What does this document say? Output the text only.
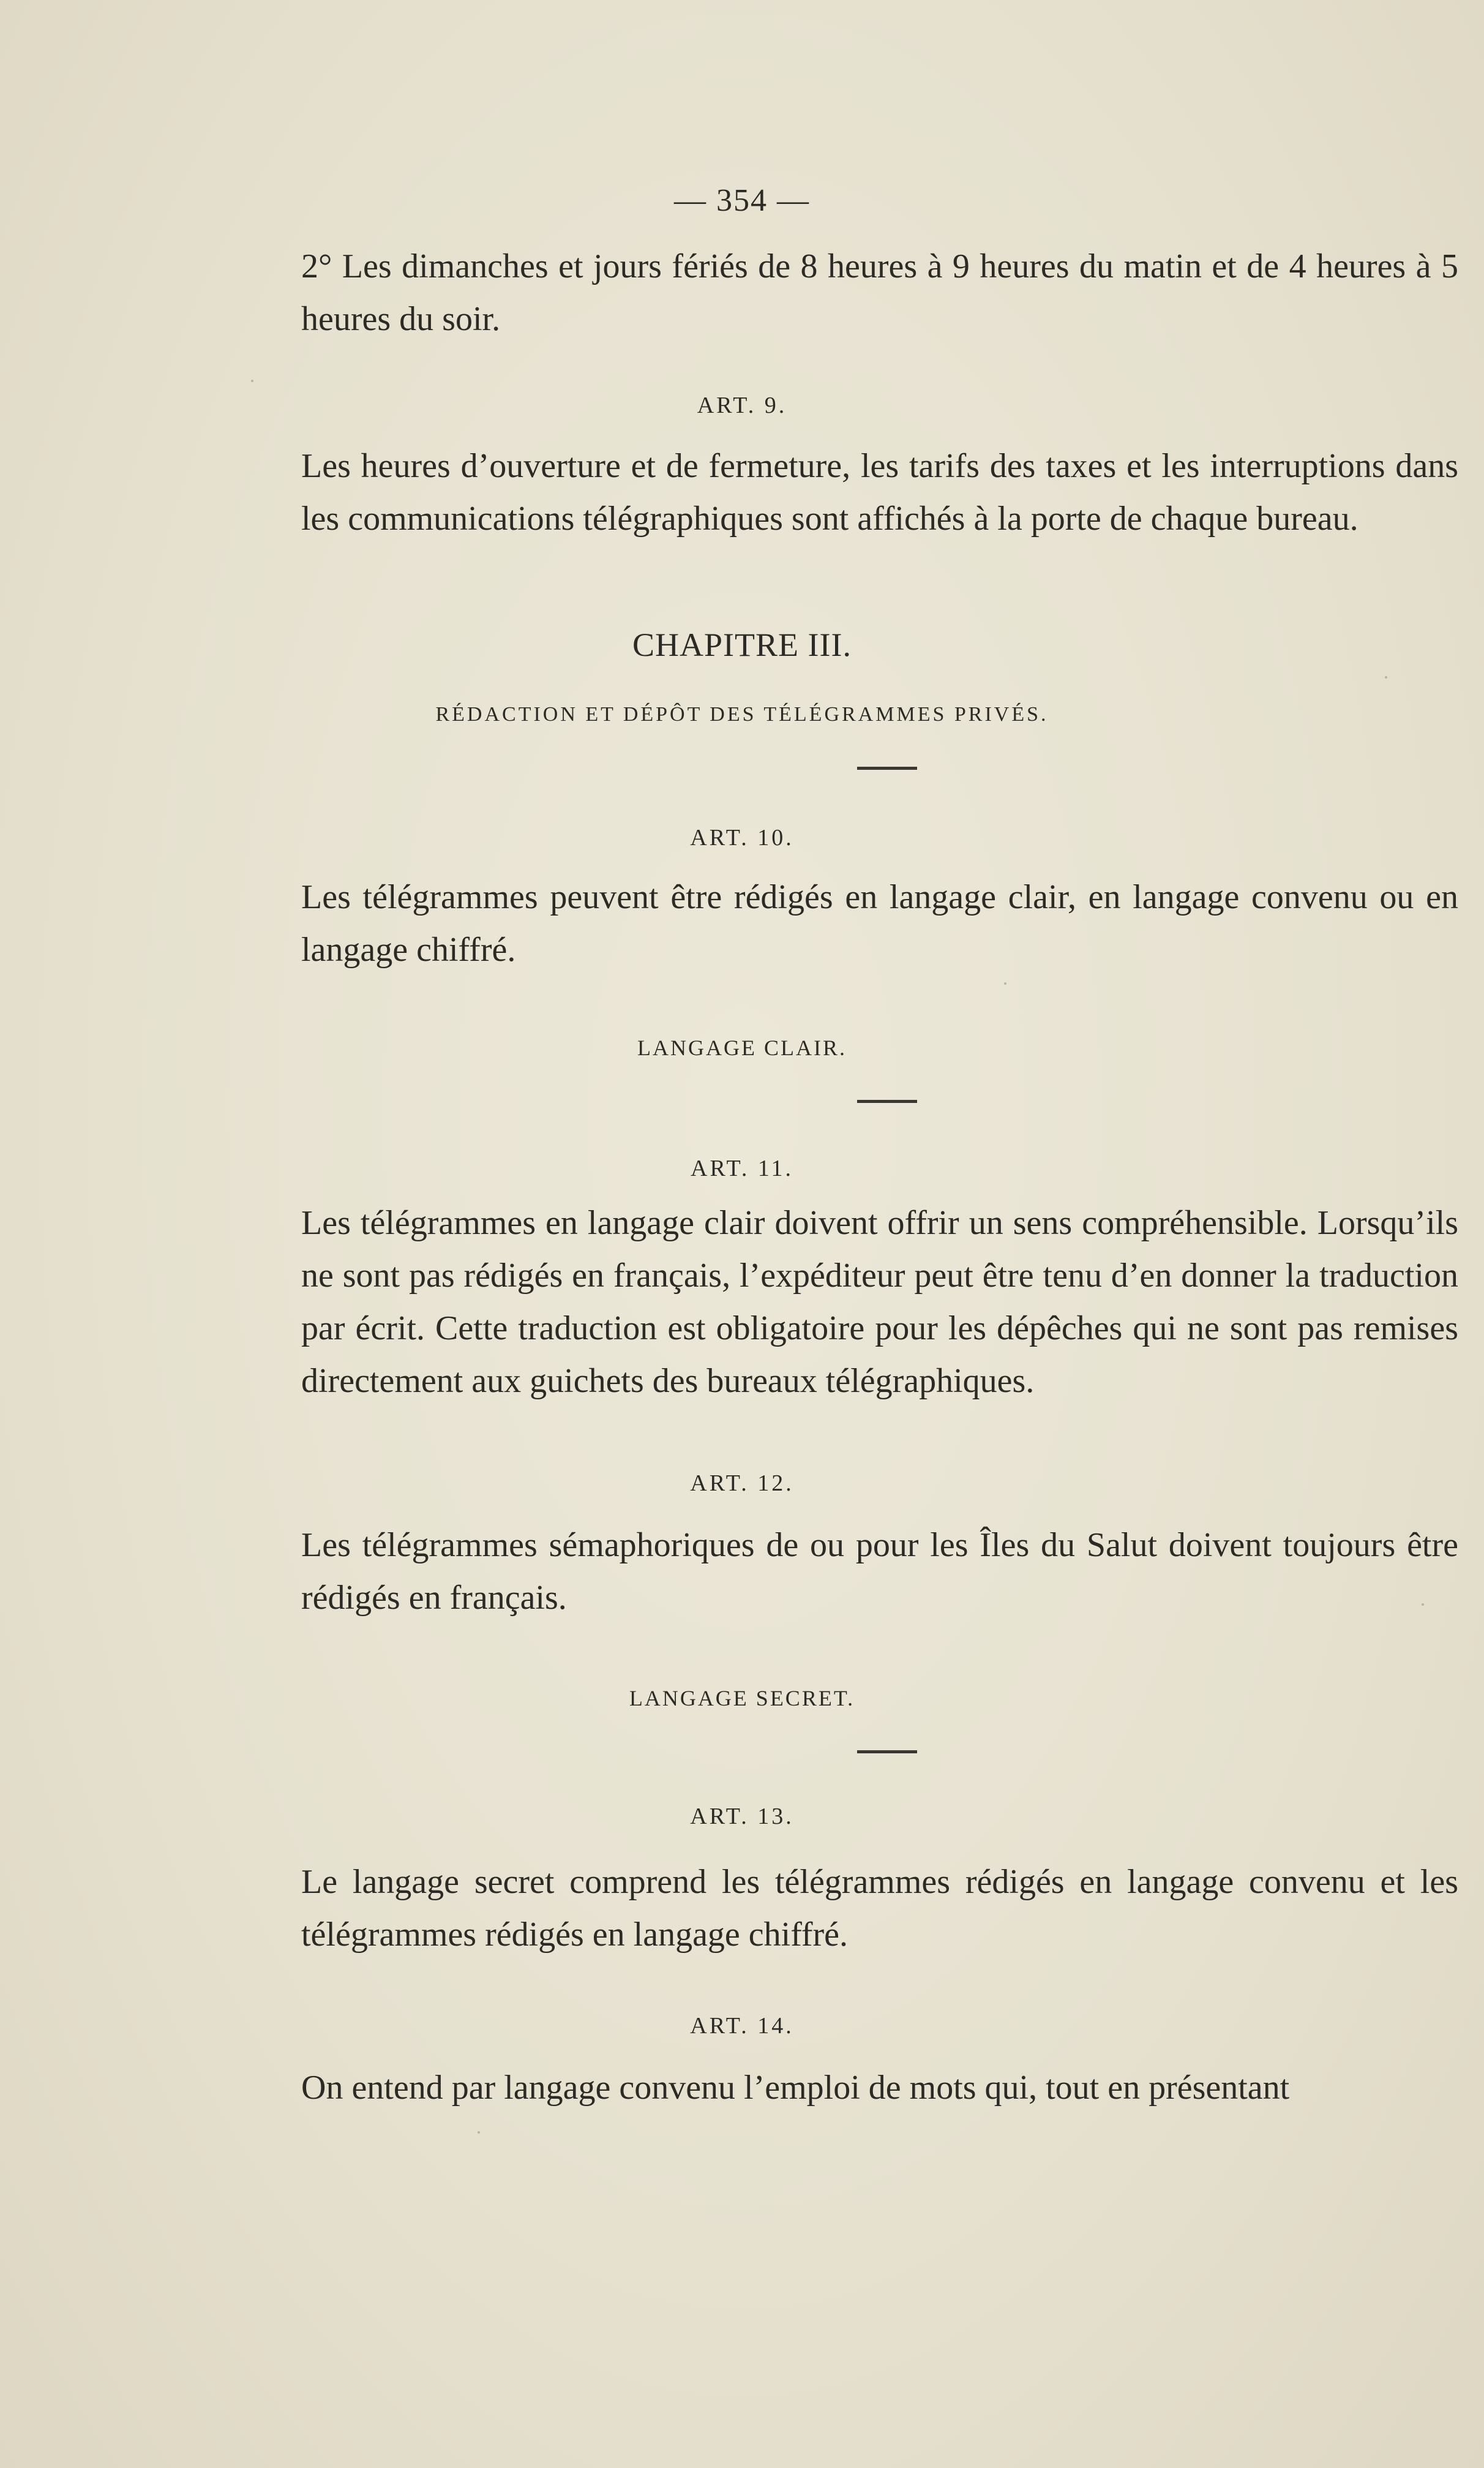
— 354 —
2° Les dimanches et jours fériés de 8 heures à 9 heures du matin et de 4 heures à 5 heures du soir.
ART. 9.
Les heures d’ouverture et de fermeture, les tarifs des taxes et les interruptions dans les communications télégraphiques sont affichés à la porte de chaque bureau.
CHAPITRE III.
RÉDACTION ET DÉPÔT DES TÉLÉGRAMMES PRIVÉS.
ART. 10.
Les télégrammes peuvent être rédigés en langage clair, en langage convenu ou en langage chiffré.
LANGAGE CLAIR.
ART. 11.
Les télégrammes en langage clair doivent offrir un sens compréhensible. Lorsqu’ils ne sont pas rédigés en français, l’expéditeur peut être tenu d’en donner la traduction par écrit. Cette traduction est obligatoire pour les dépêches qui ne sont pas remises directement aux guichets des bureaux télégraphiques.
ART. 12.
Les télégrammes sémaphoriques de ou pour les Îles du Salut doivent toujours être rédigés en français.
LANGAGE SECRET.
ART. 13.
Le langage secret comprend les télégrammes rédigés en langage convenu et les télégrammes rédigés en langage chiffré.
ART. 14.
On entend par langage convenu l’emploi de mots qui, tout en présentant
